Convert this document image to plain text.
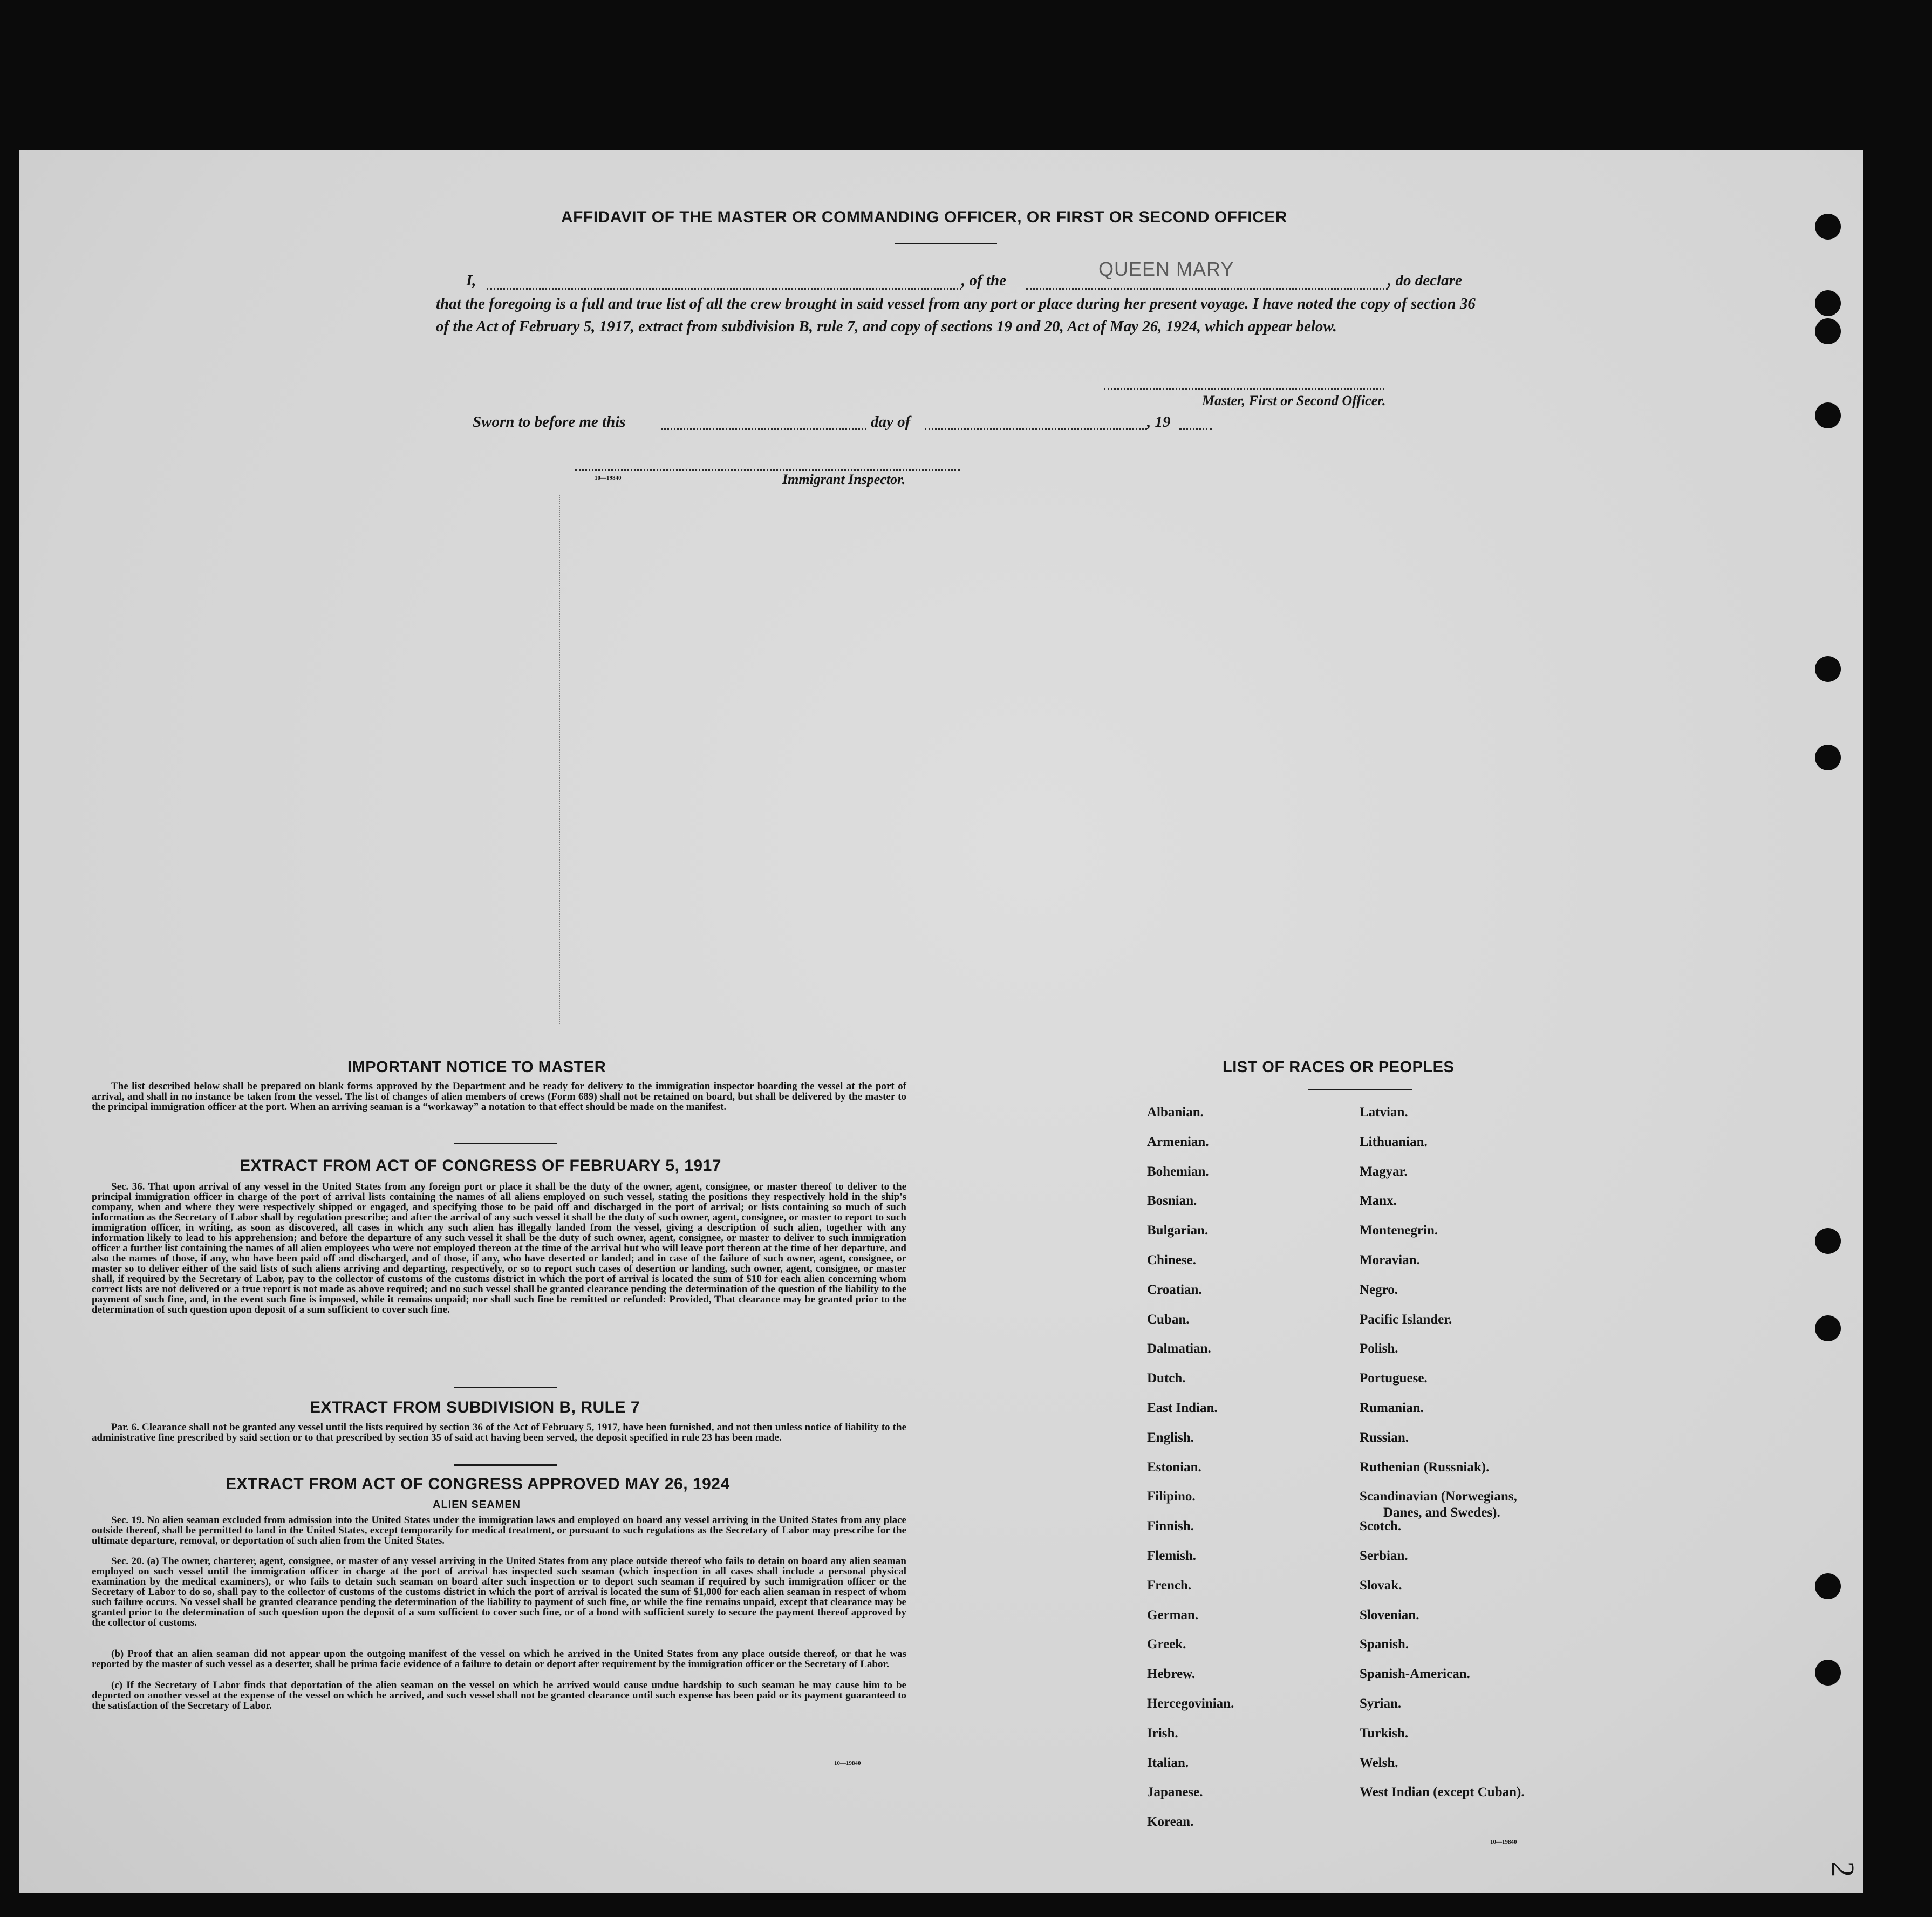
AFFIDAVIT OF THE MASTER OR COMMANDING OFFICER, OR FIRST OR SECOND OFFICER
I,	, of the
QUEEN MARY
, do declare
that the foregoing is a full and true list of all the crew brought in said vessel from any port or place during her present voyage. I have noted the copy of section 36 of the Act of February 5, 1917, extract from subdivision B, rule 7, and copy of sections 19 and 20, Act of May 26, 1924, which appear below.
Master, First or Second Officer.
Sworn to before me this	day of	, 19
10—19840	Immigrant Inspector.
IMPORTANT NOTICE TO MASTER
The list described below shall be prepared on blank forms approved by the Department and be ready for delivery to the immigration inspector boarding the vessel at the port of arrival, and shall in no instance be taken from the vessel. The list of changes of alien members of crews (Form 689) shall not be retained on board, but shall be delivered by the master to the principal immigration officer at the port. When an arriving seaman is a “workaway” a notation to that effect should be made on the manifest.
EXTRACT FROM ACT OF CONGRESS OF FEBRUARY 5, 1917
Sec. 36. That upon arrival of any vessel in the United States from any foreign port or place it shall be the duty of the owner, agent, consignee, or master thereof to deliver to the principal immigration officer in charge of the port of arrival lists containing the names of all aliens employed on such vessel, stating the positions they respectively hold in the ship's company, when and where they were respectively shipped or engaged, and specifying those to be paid off and discharged in the port of arrival; or lists containing so much of such information as the Secretary of Labor shall by regulation prescribe; and after the arrival of any such vessel it shall be the duty of such owner, agent, consignee, or master to report to such immigration officer, in writing, as soon as discovered, all cases in which any such alien has illegally landed from the vessel, giving a description of such alien, together with any information likely to lead to his apprehension; and before the departure of any such vessel it shall be the duty of such owner, agent, consignee, or master to deliver to such immigration officer a further list containing the names of all alien employees who were not employed thereon at the time of the arrival but who will leave port thereon at the time of her departure, and also the names of those, if any, who have been paid off and discharged, and of those, if any, who have deserted or landed; and in case of the failure of such owner, agent, consignee, or master so to deliver either of the said lists of such aliens arriving and departing, respectively, or so to report such cases of desertion or landing, such owner, agent, consignee, or master shall, if required by the Secretary of Labor, pay to the collector of customs of the customs district in which the port of arrival is located the sum of $10 for each alien concerning whom correct lists are not delivered or a true report is not made as above required; and no such vessel shall be granted clearance pending the determination of the question of the liability to the payment of such fine, and, in the event such fine is imposed, while it remains unpaid; nor shall such fine be remitted or refunded: Provided, That clearance may be granted prior to the determination of such question upon deposit of a sum sufficient to cover such fine.
EXTRACT FROM SUBDIVISION B, RULE 7
Par. 6. Clearance shall not be granted any vessel until the lists required by section 36 of the Act of February 5, 1917, have been furnished, and not then unless notice of liability to the administrative fine prescribed by said section or to that prescribed by section 35 of said act having been served, the deposit specified in rule 23 has been made.
EXTRACT FROM ACT OF CONGRESS APPROVED MAY 26, 1924
ALIEN SEAMEN
Sec. 19. No alien seaman excluded from admission into the United States under the immigration laws and employed on board any vessel arriving in the United States from any place outside thereof, shall be permitted to land in the United States, except temporarily for medical treatment, or pursuant to such regulations as the Secretary of Labor may prescribe for the ultimate departure, removal, or deportation of such alien from the United States.
Sec. 20. (a) The owner, charterer, agent, consignee, or master of any vessel arriving in the United States from any place outside thereof who fails to detain on board any alien seaman employed on such vessel until the immigration officer in charge at the port of arrival has inspected such seaman (which inspection in all cases shall include a personal physical examination by the medical examiners), or who fails to detain such seaman on board after such inspection or to deport such seaman if required by such immigration officer or the Secretary of Labor to do so, shall pay to the collector of customs of the customs district in which the port of arrival is located the sum of $1,000 for each alien seaman in respect of whom such failure occurs. No vessel shall be granted clearance pending the determination of the liability to payment of such fine, or while the fine remains unpaid, except that clearance may be granted prior to the determination of such question upon the deposit of a sum sufficient to cover such fine, or of a bond with sufficient surety to secure the payment thereof approved by the collector of customs.
(b) Proof that an alien seaman did not appear upon the outgoing manifest of the vessel on which he arrived in the United States from any place outside thereof, or that he was reported by the master of such vessel as a deserter, shall be prima facie evidence of a failure to detain or deport after requirement by the immigration officer or the Secretary of Labor.
(c) If the Secretary of Labor finds that deportation of the alien seaman on the vessel on which he arrived would cause undue hardship to such seaman he may cause him to be deported on another vessel at the expense of the vessel on which he arrived, and such vessel shall not be granted clearance until such expense has been paid or its payment guaranteed to the satisfaction of the Secretary of Labor.
10—19840
LIST OF RACES OR PEOPLES
Albanian.
Armenian.
Bohemian.
Bosnian.
Bulgarian.
Chinese.
Croatian.
Cuban.
Dalmatian.
Dutch.
East Indian.
English.
Estonian.
Filipino.
Finnish.
Flemish.
French.
German.
Greek.
Hebrew.
Hercegovinian.
Irish.
Italian.
Japanese.
Korean.
Latvian.
Lithuanian.
Magyar.
Manx.
Montenegrin.
Moravian.
Negro.
Pacific Islander.
Polish.
Portuguese.
Rumanian.
Russian.
Ruthenian (Russniak).
Scandinavian (Norwegians,
Danes, and Swedes).
Scotch.
Serbian.
Slovak.
Slovenian.
Spanish.
Spanish-American.
Syrian.
Turkish.
Welsh.
West Indian (except Cuban).
10—19840
2
